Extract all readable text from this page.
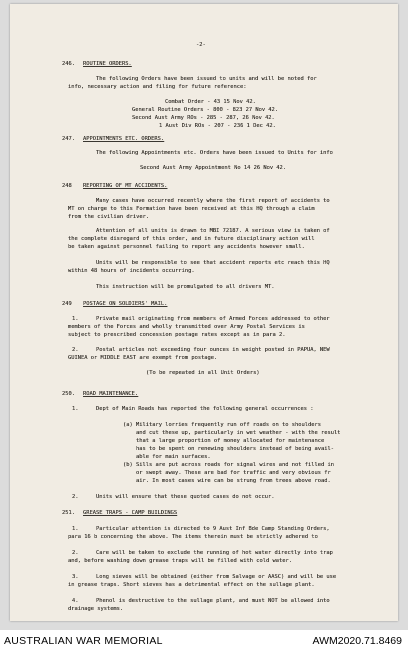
-2-
246. ROUTINE ORDERS.
The following Orders have been issued to units and will be noted for
info, necessary action and filing for future reference:
Combat Order - 43 15 Nov 42.
General Routine Orders - 800 - 823 27 Nov 42.
Second Aust Army ROs - 285 - 287, 26 Nov 42.
1 Aust Div ROs - 207 - 236 1 Dec 42.
247. APPOINTMENTS ETC. ORDERS.
The following Appointments etc. Orders have been issued to Units for info
Second Aust Army Appointment No 14 26 Nov 42.
248 REPORTING OF MT ACCIDENTS.
Many cases have occurred recently where the first report of accidents to
MT on charge to this Formation have been received at this HQ through a claim
from the civilian driver.
Attention of all units is drawn to MBI 72187. A serious view is taken of
the complete disregard of this order, and in future disciplinary action will
be taken against personnel failing to report any accidents however small.
Units will be responsible to see that accident reports etc reach this HQ
within 48 hours of incidents occurring.
This instruction will be promulgated to all drivers MT.
249 POSTAGE ON SOLDIERS' MAIL.
1.	Private mail originating from members of Armed Forces addressed to other
members of the Forces and wholly transmitted over Army Postal Services is
subject to prescribed concession postage rates except as in para 2.
2.	Postal articles not exceeding four ounces in weight posted in PAPUA, NEW
GUINEA or MIDDLE EAST are exempt from postage.
(To be repeated in all Unit Orders)
250. ROAD MAINTENANCE.
1.	Dept of Main Roads has reported the following general occurrences :
(a) Military lorries frequently run off roads on to shoulders
and cut these up, particularly in wet weather - with the result
that a large proportion of money allocated for maintenance
has to be spent on renewing shoulders instead of being avail-
able for main surfaces.
(b) Sills are put across roads for signal wires and not filled in
or swept away. These are bad for traffic and very obvious fr
air. In most cases wire can be strung from trees above road.
2.	Units will ensure that these quoted cases do not occur.
251. GREASE TRAPS - CAMP BUILDINGS
1.	Particular attention is directed to 9 Aust Inf Bde Camp Standing Orders,
para 16 b concerning the above. The items therein must be strictly adhered to
2.	Care will be taken to exclude the running of hot water directly into trap
and, before washing down grease traps will be filled with cold water.
3.	Long sieves will be obtained (either from Salvage or AASC) and will be use
in grease traps. Short sieves has a detrimental effect on the sullage plant.
4.	Phenol is destructive to the sullage plant, and must NOT be allowed into
drainage systems.
AUSTRALIAN WAR MEMORIAL	AWM2020.71.8469
